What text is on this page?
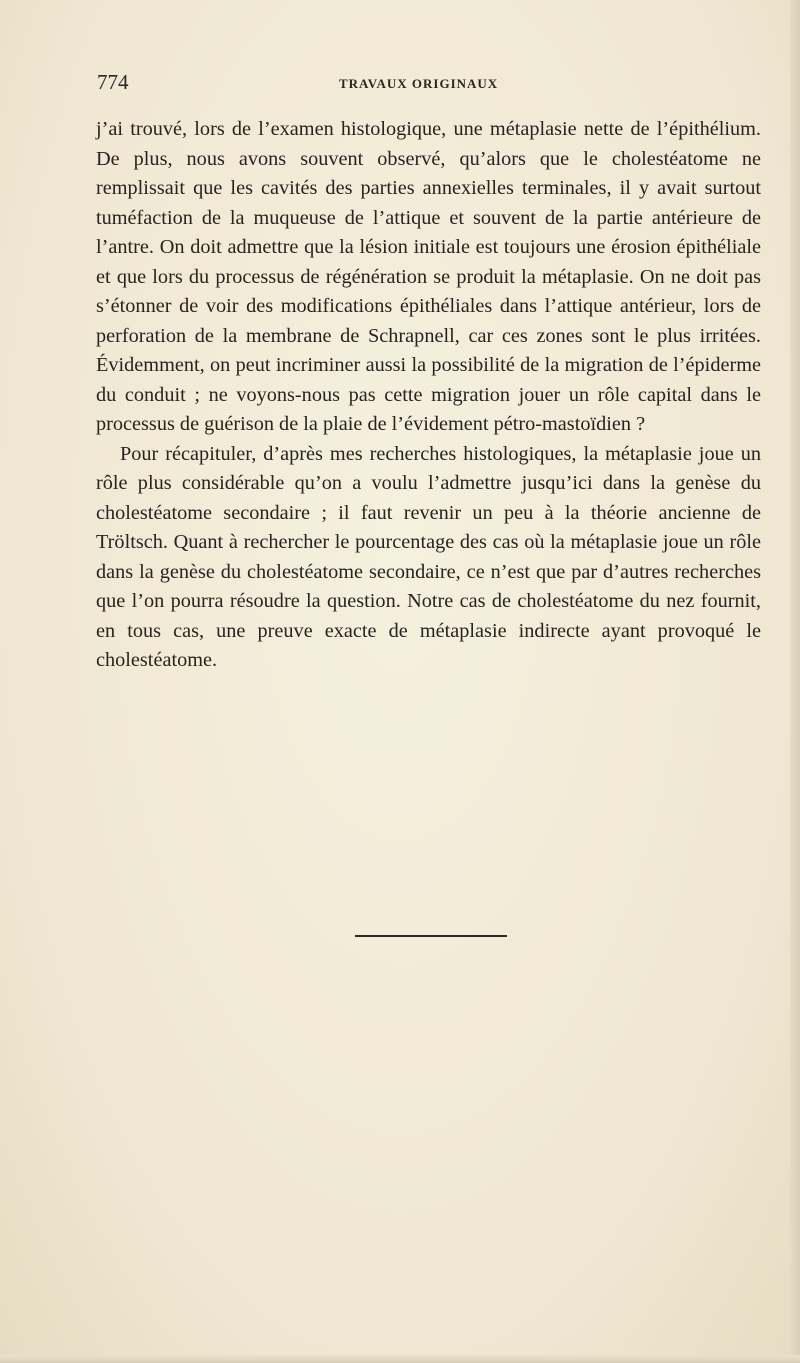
774	TRAVAUX ORIGINAUX

j’ai trouvé, lors de l’examen histologique, une métaplasie nette de l’épithélium. De plus, nous avons souvent observé, qu’alors que le cholestéatome ne remplissait que les cavités des parties annexielles terminales, il y avait surtout tuméfaction de la muqueuse de l’attique et souvent de la partie antérieure de l’antre. On doit admettre que la lésion initiale est toujours une érosion épithéliale et que lors du processus de régénération se produit la métaplasie. On ne doit pas s’étonner de voir des modifications épithéliales dans l’attique antérieur, lors de perforation de la membrane de Schrapnell, car ces zones sont le plus irritées. Évidemment, on peut incriminer aussi la possibilité de la migration de l’épiderme du conduit ; ne voyons-nous pas cette migration jouer un rôle capital dans le processus de guérison de la plaie de l’évidement pétro-mastoïdien ?

Pour récapituler, d’après mes recherches histologiques, la métaplasie joue un rôle plus considérable qu’on a voulu l’admettre jusqu’ici dans la genèse du cholestéatome secondaire ; il faut revenir un peu à la théorie ancienne de Tröltsch. Quant à rechercher le pourcentage des cas où la métaplasie joue un rôle dans la genèse du cholestéatome secondaire, ce n’est que par d’autres recherches que l’on pourra résoudre la question. Notre cas de cholestéatome du nez fournit, en tous cas, une preuve exacte de métaplasie indirecte ayant provoqué le cholestéatome.
